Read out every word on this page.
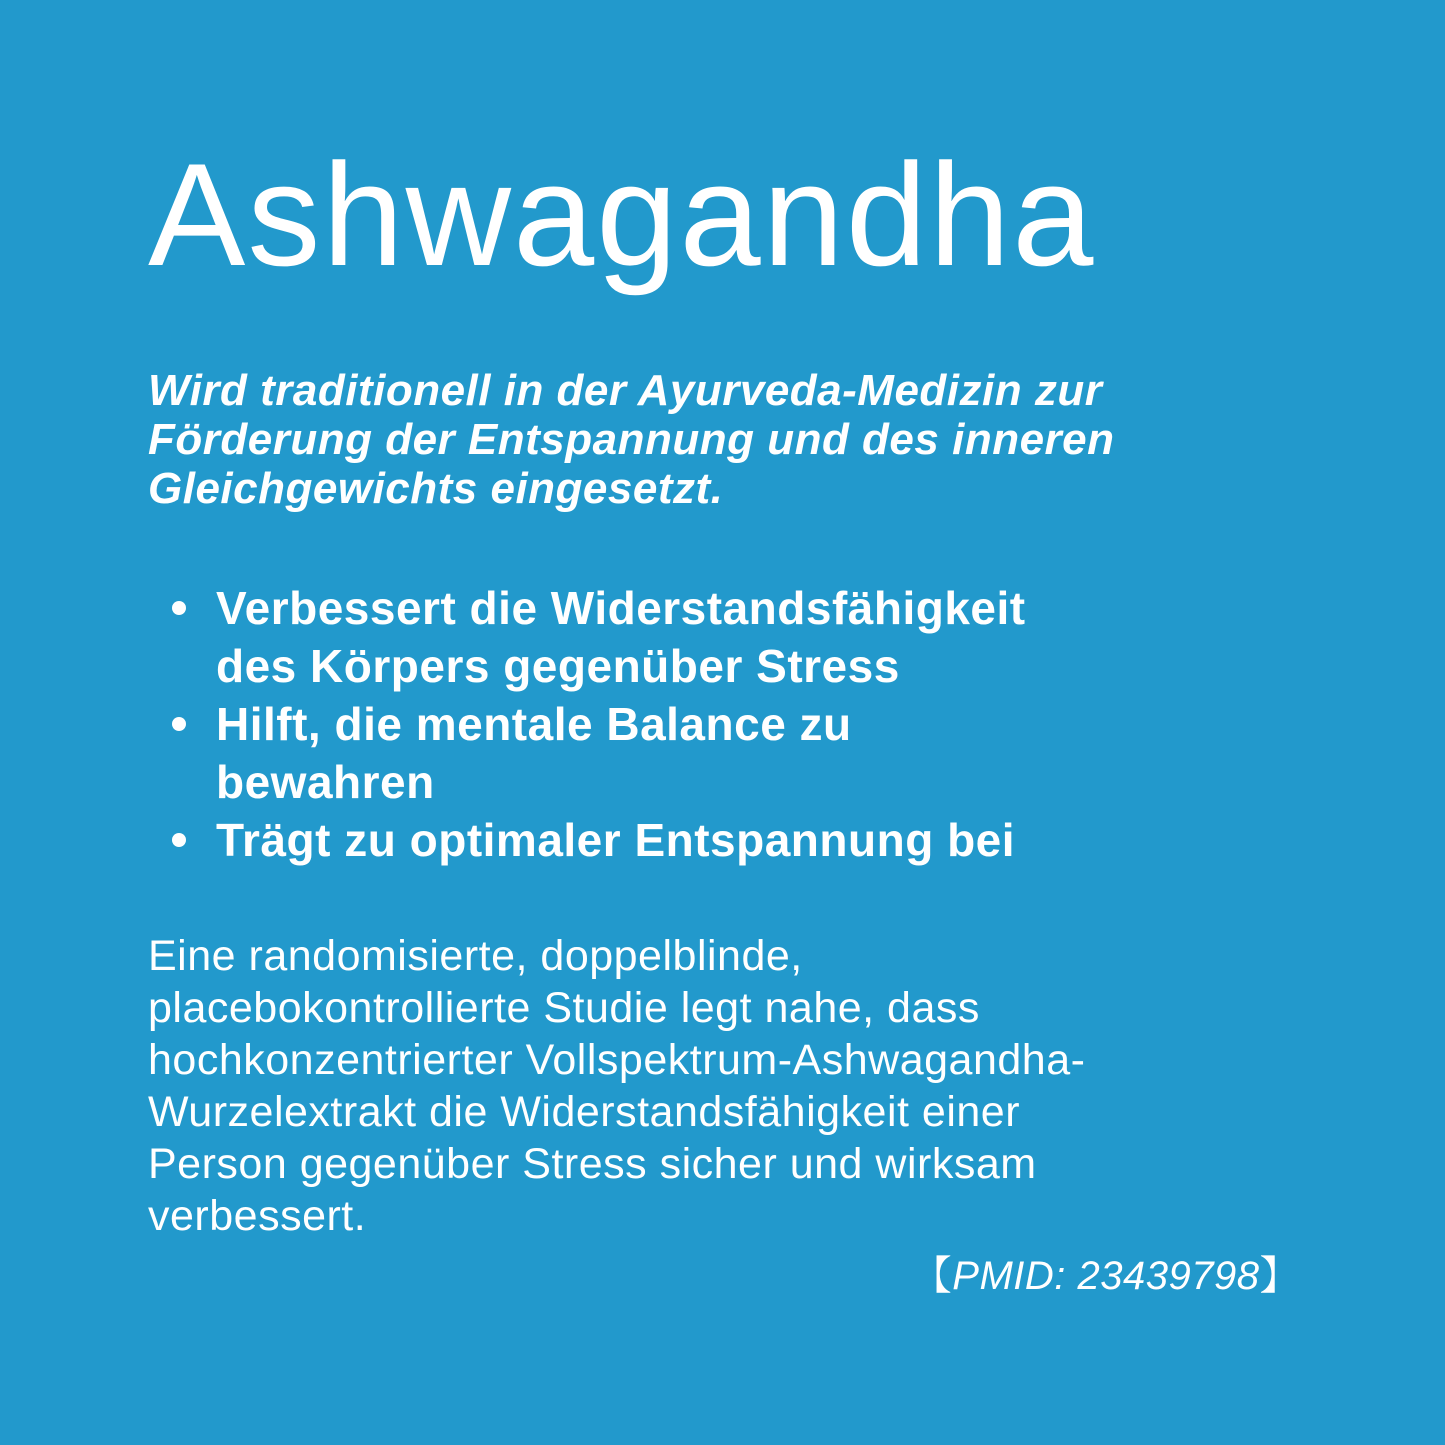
Ashwagandha

Wird traditionell in der Ayurveda-Medizin zur
Förderung der Entspannung und des inneren
Gleichgewichts eingesetzt.

Verbessert die Widerstandsfähigkeit
des Körpers gegenüber Stress
Hilft, die mentale Balance zu
bewahren
Trägt zu optimaler Entspannung bei

Eine randomisierte, doppelblinde,
placebokontrollierte Studie legt nahe, dass
hochkonzentrierter Vollspektrum-Ashwagandha-
Wurzelextrakt die Widerstandsfähigkeit einer
Person gegenüber Stress sicher und wirksam
verbessert.

【PMID: 23439798】
